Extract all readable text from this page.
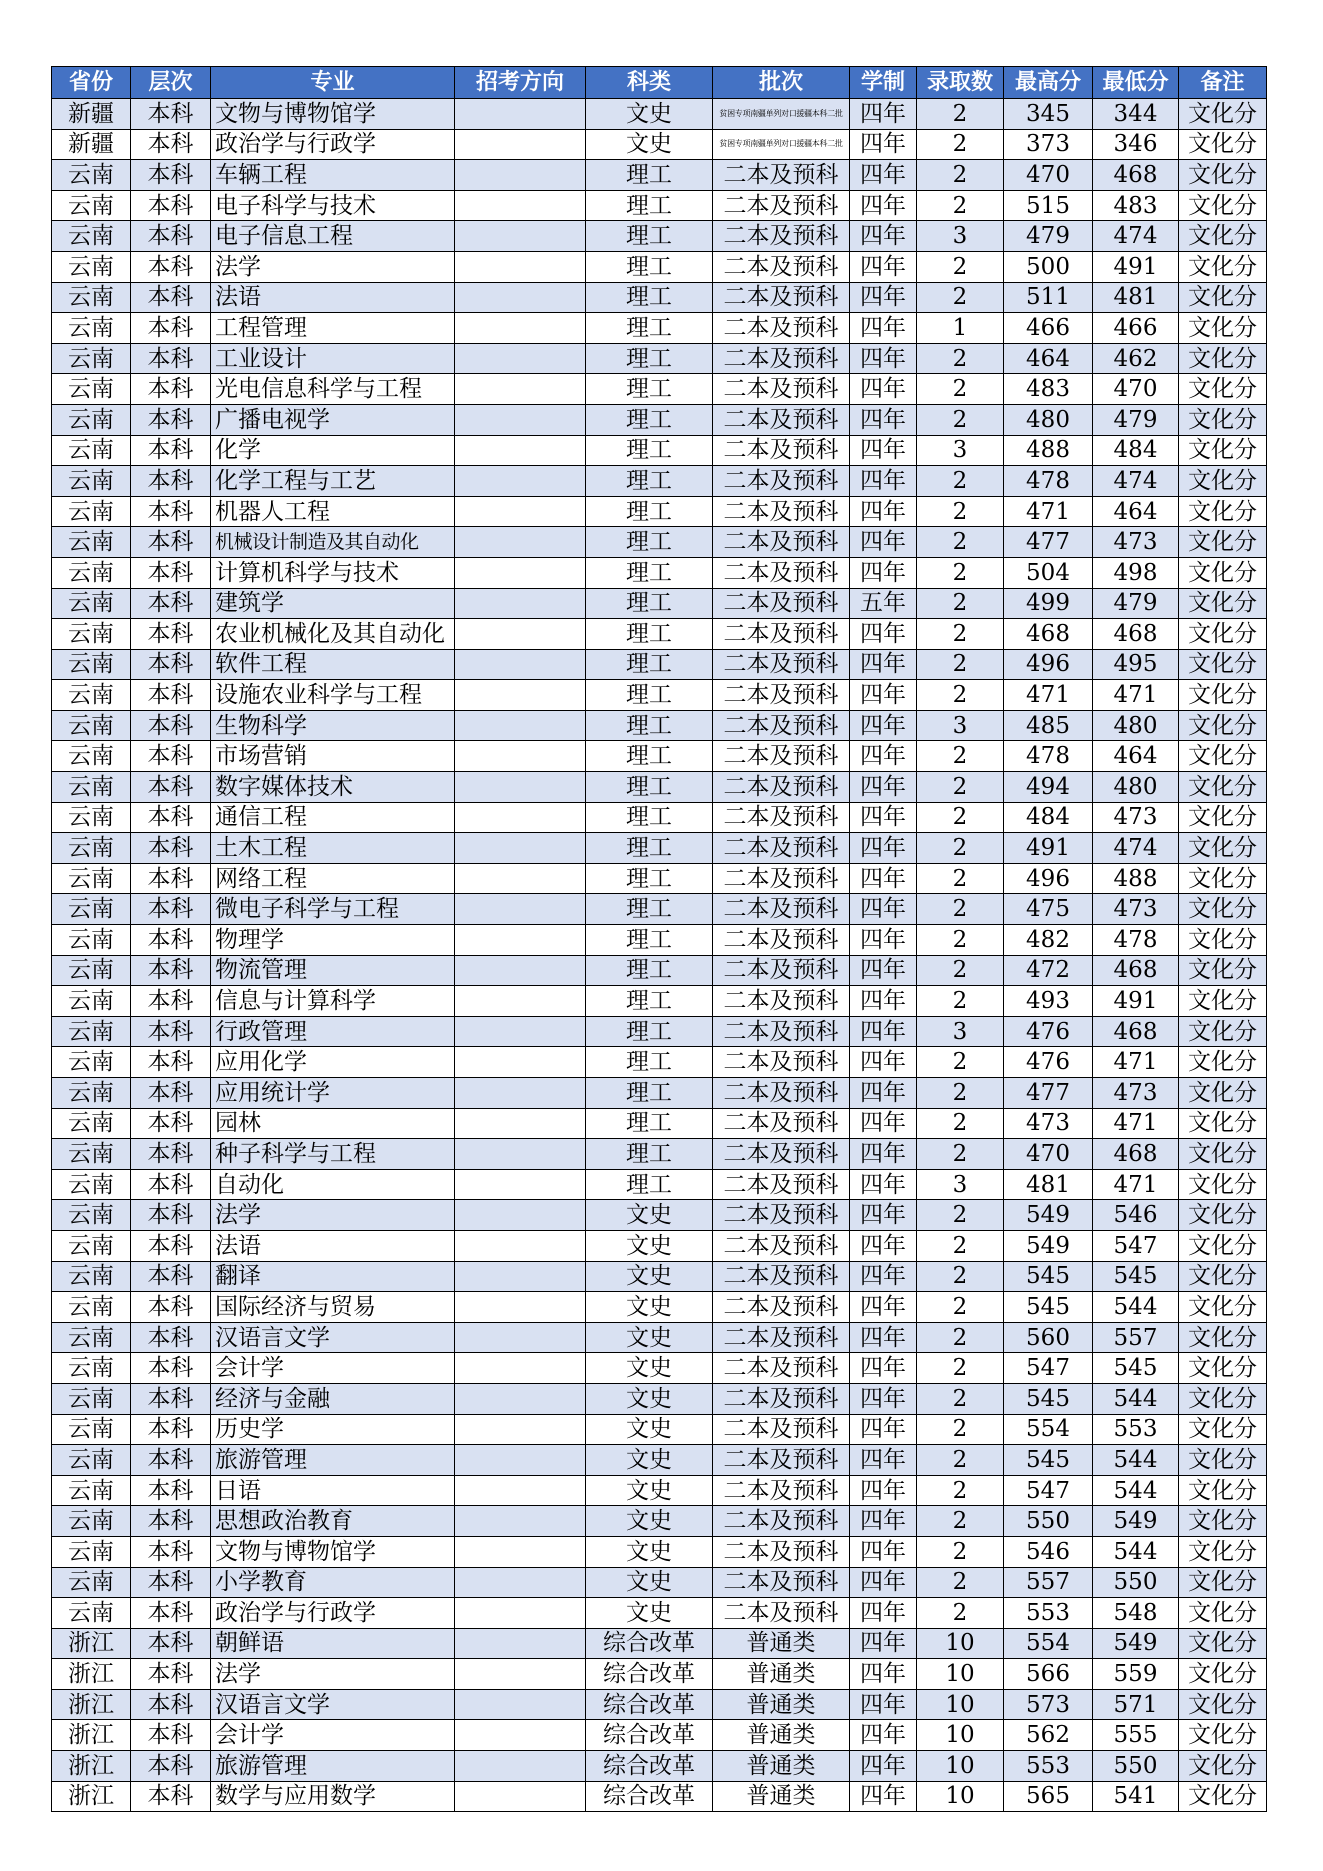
省份	层次	专业	招考方向	科类	批次	学制	录取数	最高分	最低分	备注
新疆	本科	文物与博物馆学		文史	贫困专项南疆单列对口援疆本科二批	四年	2	345	344	文化分
新疆	本科	政治学与行政学		文史	贫困专项南疆单列对口援疆本科二批	四年	2	373	346	文化分
云南	本科	车辆工程		理工	二本及预科	四年	2	470	468	文化分
云南	本科	电子科学与技术		理工	二本及预科	四年	2	515	483	文化分
云南	本科	电子信息工程		理工	二本及预科	四年	3	479	474	文化分
云南	本科	法学		理工	二本及预科	四年	2	500	491	文化分
云南	本科	法语		理工	二本及预科	四年	2	511	481	文化分
云南	本科	工程管理		理工	二本及预科	四年	1	466	466	文化分
云南	本科	工业设计		理工	二本及预科	四年	2	464	462	文化分
云南	本科	光电信息科学与工程		理工	二本及预科	四年	2	483	470	文化分
云南	本科	广播电视学		理工	二本及预科	四年	2	480	479	文化分
云南	本科	化学		理工	二本及预科	四年	3	488	484	文化分
云南	本科	化学工程与工艺		理工	二本及预科	四年	2	478	474	文化分
云南	本科	机器人工程		理工	二本及预科	四年	2	471	464	文化分
云南	本科	机械设计制造及其自动化		理工	二本及预科	四年	2	477	473	文化分
云南	本科	计算机科学与技术		理工	二本及预科	四年	2	504	498	文化分
云南	本科	建筑学		理工	二本及预科	五年	2	499	479	文化分
云南	本科	农业机械化及其自动化		理工	二本及预科	四年	2	468	468	文化分
云南	本科	软件工程		理工	二本及预科	四年	2	496	495	文化分
云南	本科	设施农业科学与工程		理工	二本及预科	四年	2	471	471	文化分
云南	本科	生物科学		理工	二本及预科	四年	3	485	480	文化分
云南	本科	市场营销		理工	二本及预科	四年	2	478	464	文化分
云南	本科	数字媒体技术		理工	二本及预科	四年	2	494	480	文化分
云南	本科	通信工程		理工	二本及预科	四年	2	484	473	文化分
云南	本科	土木工程		理工	二本及预科	四年	2	491	474	文化分
云南	本科	网络工程		理工	二本及预科	四年	2	496	488	文化分
云南	本科	微电子科学与工程		理工	二本及预科	四年	2	475	473	文化分
云南	本科	物理学		理工	二本及预科	四年	2	482	478	文化分
云南	本科	物流管理		理工	二本及预科	四年	2	472	468	文化分
云南	本科	信息与计算科学		理工	二本及预科	四年	2	493	491	文化分
云南	本科	行政管理		理工	二本及预科	四年	3	476	468	文化分
云南	本科	应用化学		理工	二本及预科	四年	2	476	471	文化分
云南	本科	应用统计学		理工	二本及预科	四年	2	477	473	文化分
云南	本科	园林		理工	二本及预科	四年	2	473	471	文化分
云南	本科	种子科学与工程		理工	二本及预科	四年	2	470	468	文化分
云南	本科	自动化		理工	二本及预科	四年	3	481	471	文化分
云南	本科	法学		文史	二本及预科	四年	2	549	546	文化分
云南	本科	法语		文史	二本及预科	四年	2	549	547	文化分
云南	本科	翻译		文史	二本及预科	四年	2	545	545	文化分
云南	本科	国际经济与贸易		文史	二本及预科	四年	2	545	544	文化分
云南	本科	汉语言文学		文史	二本及预科	四年	2	560	557	文化分
云南	本科	会计学		文史	二本及预科	四年	2	547	545	文化分
云南	本科	经济与金融		文史	二本及预科	四年	2	545	544	文化分
云南	本科	历史学		文史	二本及预科	四年	2	554	553	文化分
云南	本科	旅游管理		文史	二本及预科	四年	2	545	544	文化分
云南	本科	日语		文史	二本及预科	四年	2	547	544	文化分
云南	本科	思想政治教育		文史	二本及预科	四年	2	550	549	文化分
云南	本科	文物与博物馆学		文史	二本及预科	四年	2	546	544	文化分
云南	本科	小学教育		文史	二本及预科	四年	2	557	550	文化分
云南	本科	政治学与行政学		文史	二本及预科	四年	2	553	548	文化分
浙江	本科	朝鲜语		综合改革	普通类	四年	10	554	549	文化分
浙江	本科	法学		综合改革	普通类	四年	10	566	559	文化分
浙江	本科	汉语言文学		综合改革	普通类	四年	10	573	571	文化分
浙江	本科	会计学		综合改革	普通类	四年	10	562	555	文化分
浙江	本科	旅游管理		综合改革	普通类	四年	10	553	550	文化分
浙江	本科	数学与应用数学		综合改革	普通类	四年	10	565	541	文化分
